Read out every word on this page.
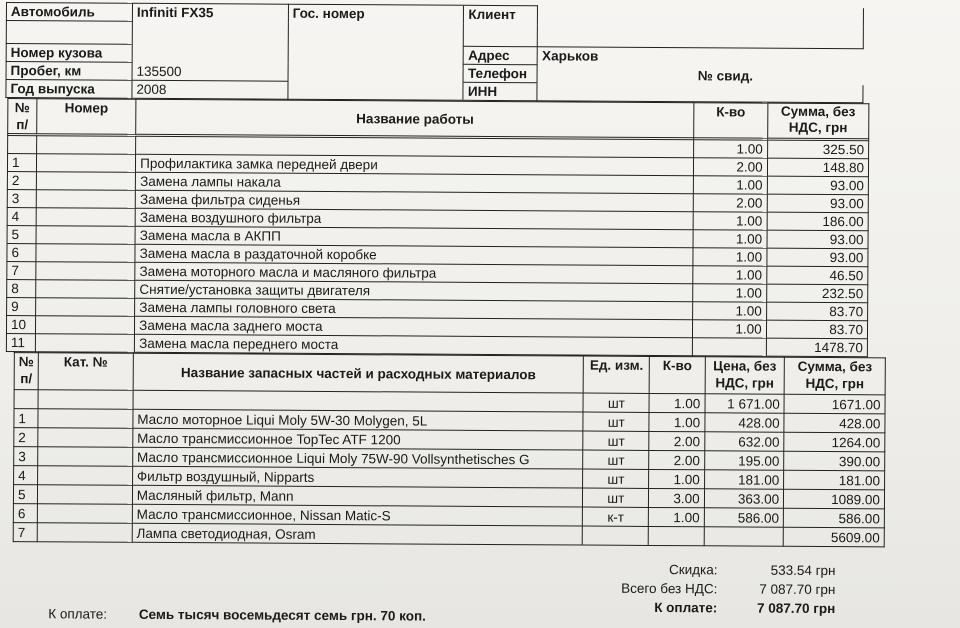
Автомобиль	Infiniti FX35	Гос. номер	Клиент	

Номер кузова			Адрес	Харьков
Пробег, км	135500		Телефон	№ свид.
Год выпуска	2008		ИНН	
№ п/	Номер	Название работы	К-во	Сумма, без НДС, грн

			1.00	325.50
1		Профилактика замка передней двери	2.00	148.80
2		Замена лампы накала	1.00	93.00
3		Замена фильтра сиденья	2.00	93.00
4		Замена воздушного фильтра	1.00	186.00
5		Замена масла в АКПП	1.00	93.00
6		Замена масла в раздаточной коробке	1.00	93.00
7		Замена моторного масла и масляного фильтра	1.00	46.50
8		Снятие/установка защиты двигателя	1.00	232.50
9		Замена лампы головного света	1.00	83.70
10		Замена масла заднего моста	1.00	83.70
11		Замена масла переднего моста		1478.70
№ п/	Кат. №	Название запасных частей и расходных материалов	Ед. изм.	К-во	Цена, без НДС, грн	Сумма, без НДС, грн
			шт	1.00	1 671.00	1671.00
1		Масло моторное Liqui Moly 5W-30 Molygen, 5L	шт	1.00	428.00	428.00
2		Масло трансмиссионное TopTec ATF 1200	шт	2.00	632.00	1264.00
3		Масло трансмиссионное Liqui Moly 75W-90 Vollsynthetisches G	шт	2.00	195.00	390.00
4		Фильтр воздушный, Nipparts	шт	1.00	181.00	181.00
5		Масляный фильтр, Mann	шт	3.00	363.00	1089.00
6		Масло трансмиссионное, Nissan Matic-S	к-т	1.00	586.00	586.00
7		Лампа светодиодная, Osram				5609.00
Скидка:	533.54 грн
Всего без НДС:	7 087.70 грн
К оплате:	7 087.70 грн
К оплате: Семь тысяч восемьдесят семь грн. 70 коп.
